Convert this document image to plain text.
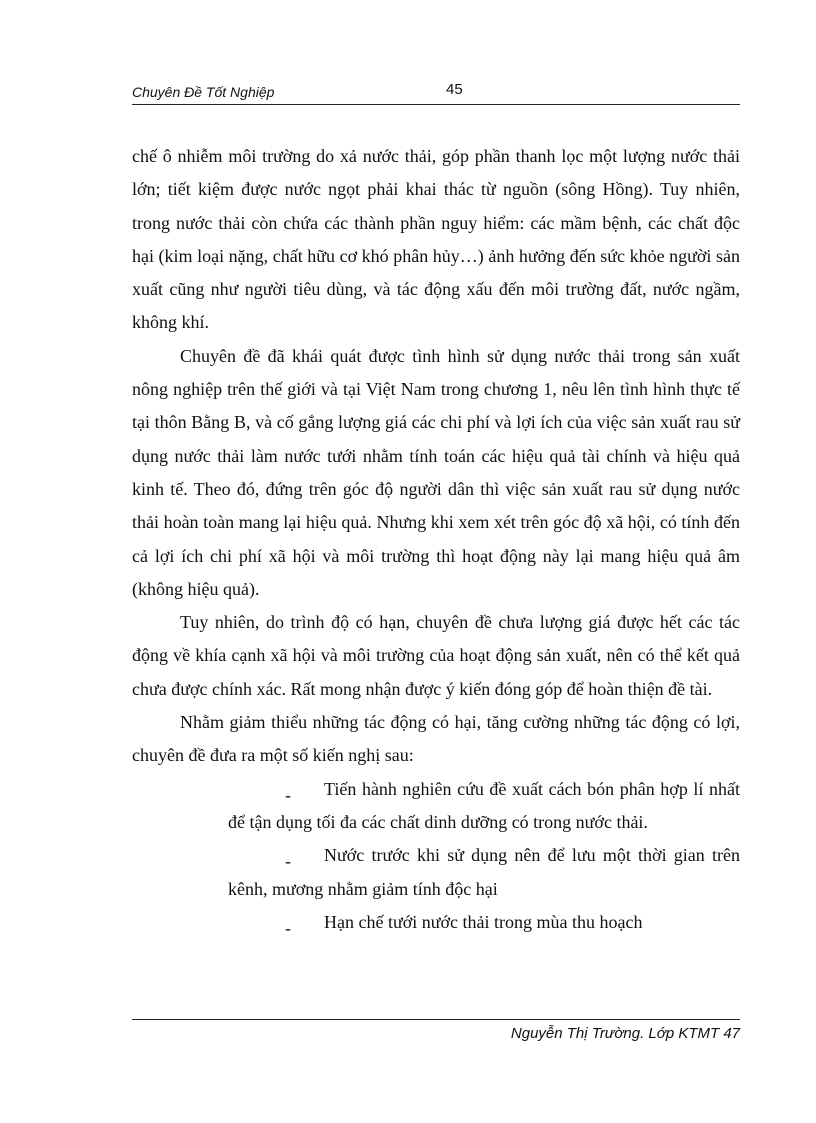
Chuyên Đề Tốt Nghiệp	45

chế ô nhiễm môi trường do xả nước thải, góp phần thanh lọc một lượng nước thải lớn; tiết kiệm được nước ngọt phải khai thác từ nguồn (sông Hồng). Tuy nhiên, trong nước thải còn chứa các thành phần nguy hiểm: các mầm bệnh, các chất độc hại (kim loại nặng, chất hữu cơ khó phân hủy…) ảnh hưởng đến sức khỏe người sản xuất cũng như người tiêu dùng, và tác động xấu đến môi trường đất, nước ngầm, không khí.

Chuyên đề đã khái quát được tình hình sử dụng nước thải trong sản xuất nông nghiệp trên thế giới và tại Việt Nam trong chương 1, nêu lên tình hình thực tế tại thôn Bằng B, và cố gắng lượng giá các chi phí và lợi ích của việc sản xuất rau sử dụng nước thải làm nước tưới nhằm tính toán các hiệu quả tài chính và hiệu quả kinh tế. Theo đó, đứng trên góc độ người dân thì việc sản xuất rau sử dụng nước thải hoàn toàn mang lại hiệu quả. Nhưng khi xem xét trên góc độ xã hội, có tính đến cả lợi ích chi phí xã hội và môi trường thì hoạt động này lại mang hiệu quả âm (không hiệu quả).

Tuy nhiên, do trình độ có hạn, chuyên đề chưa lượng giá được hết các tác động về khía cạnh xã hội và môi trường của hoạt động sản xuất, nên có thể kết quả chưa được chính xác. Rất mong nhận được ý kiến đóng góp để hoàn thiện đề tài.

Nhằm giảm thiểu những tác động có hại, tăng cường những tác động có lợi, chuyên đề đưa ra một số kiến nghị sau:

- Tiến hành nghiên cứu đề xuất cách bón phân hợp lí nhất để tận dụng tối đa các chất dinh dưỡng có trong nước thải.
- Nước trước khi sử dụng nên để lưu một thời gian trên kênh, mương nhằm giảm tính độc hại
- Hạn chế tưới nước thải trong mùa thu hoạch
Nguyễn Thị Trường. Lớp KTMT 47
